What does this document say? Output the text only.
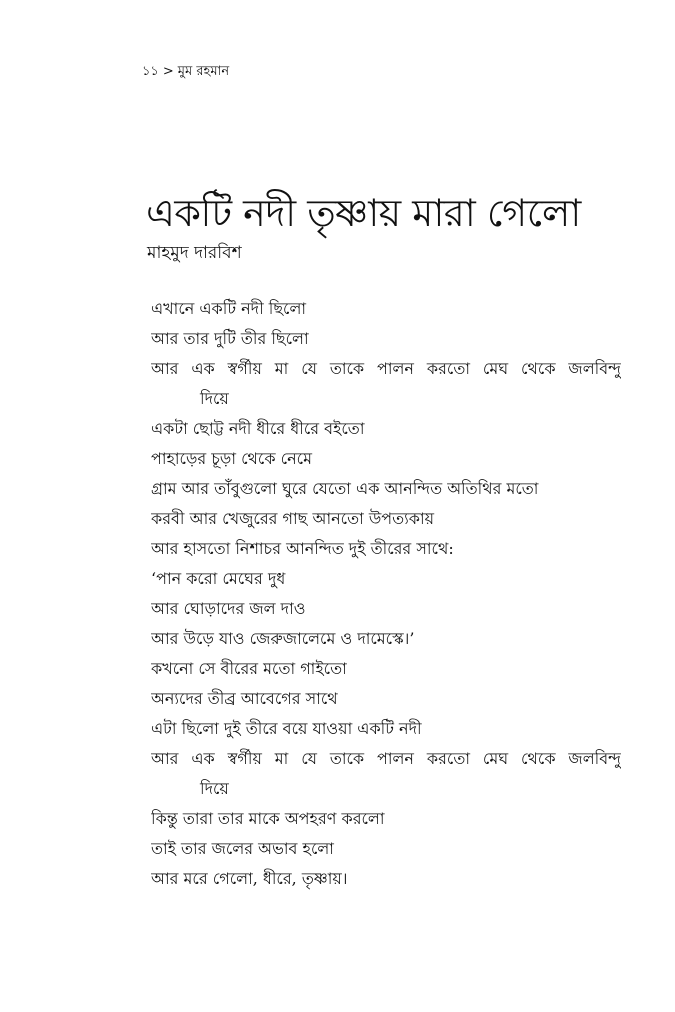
১১ > মুম রহমান
একটি নদী তৃষ্ণায় মারা গেলো
মাহমুদ দারবিশ
এখানে একটি নদী ছিলো
আর তার দুটি তীর ছিলো
আর এক স্বর্গীয় মা যে তাকে পালন করতো মেঘ থেকে জলবিন্দু
দিয়ে
একটা ছোট্ট নদী ধীরে ধীরে বইতো
পাহাড়ের চূড়া থেকে নেমে
গ্রাম আর তাঁবুগুলো ঘুরে যেতো এক আনন্দিত অতিথির মতো
করবী আর খেজুরের গাছ আনতো উপত্যকায়
আর হাসতো নিশাচর আনন্দিত দুই তীরের সাথে:
‘পান করো মেঘের দুধ
আর ঘোড়াদের জল দাও
আর উড়ে যাও জেরুজালেমে ও দামেস্কে।’
কখনো সে বীরের মতো গাইতো
অন্যদের তীব্র আবেগের সাথে
এটা ছিলো দুই তীরে বয়ে যাওয়া একটি নদী
আর এক স্বর্গীয় মা যে তাকে পালন করতো মেঘ থেকে জলবিন্দু
দিয়ে
কিন্তু তারা তার মাকে অপহরণ করলো
তাই তার জলের অভাব হলো
আর মরে গেলো, ধীরে, তৃষ্ণায়।
